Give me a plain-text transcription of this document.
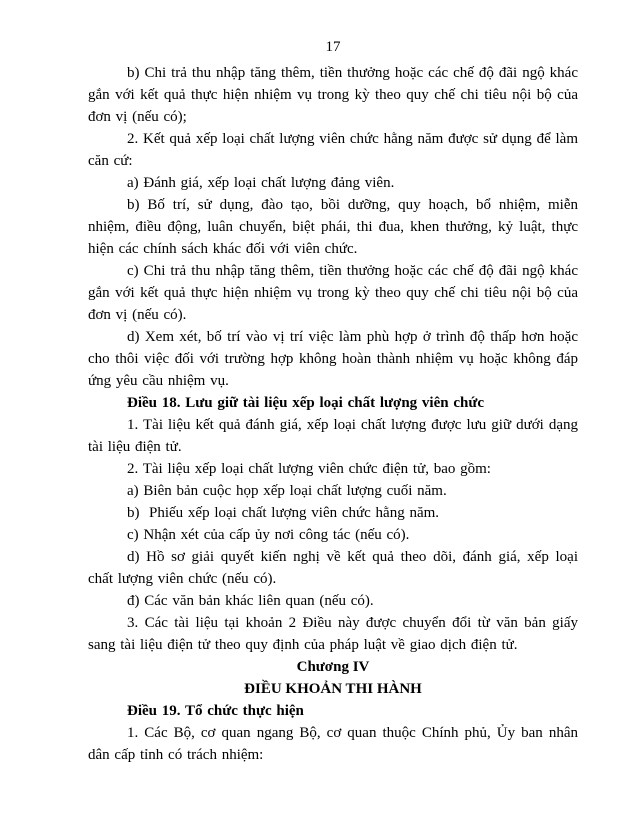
17

b) Chi trả thu nhập tăng thêm, tiền thưởng hoặc các chế độ đãi ngộ khác gắn với kết quả thực hiện nhiệm vụ trong kỳ theo quy chế chi tiêu nội bộ của đơn vị (nếu có);

2. Kết quả xếp loại chất lượng viên chức hằng năm được sử dụng để làm căn cứ:

a) Đánh giá, xếp loại chất lượng đảng viên.

b) Bố trí, sử dụng, đào tạo, bồi dưỡng, quy hoạch, bổ nhiệm, miễn nhiệm, điều động, luân chuyển, biệt phái, thi đua, khen thưởng, kỷ luật, thực hiện các chính sách khác đối với viên chức.

c) Chi trả thu nhập tăng thêm, tiền thưởng hoặc các chế độ đãi ngộ khác gắn với kết quả thực hiện nhiệm vụ trong kỳ theo quy chế chi tiêu nội bộ của đơn vị (nếu có).

d) Xem xét, bố trí vào vị trí việc làm phù hợp ở trình độ thấp hơn hoặc cho thôi việc đối với trường hợp không hoàn thành nhiệm vụ hoặc không đáp ứng yêu cầu nhiệm vụ.

Điều 18. Lưu giữ tài liệu xếp loại chất lượng viên chức

1. Tài liệu kết quả đánh giá, xếp loại chất lượng được lưu giữ dưới dạng tài liệu điện tử.

2. Tài liệu xếp loại chất lượng viên chức điện tử, bao gồm:

a) Biên bản cuộc họp xếp loại chất lượng cuối năm.

b)  Phiếu xếp loại chất lượng viên chức hằng năm.

c) Nhận xét của cấp ủy nơi công tác (nếu có).

d) Hồ sơ giải quyết kiến nghị về kết quả theo dõi, đánh giá, xếp loại chất lượng viên chức (nếu có).

đ) Các văn bản khác liên quan (nếu có).

3. Các tài liệu tại khoản 2 Điều này được chuyển đổi từ văn bản giấy sang tài liệu điện tử theo quy định của pháp luật về giao dịch điện tử.

Chương IV

ĐIỀU KHOẢN THI HÀNH

Điều 19. Tổ chức thực hiện

1. Các Bộ, cơ quan ngang Bộ, cơ quan thuộc Chính phủ, Ủy ban nhân dân cấp tỉnh có trách nhiệm:
